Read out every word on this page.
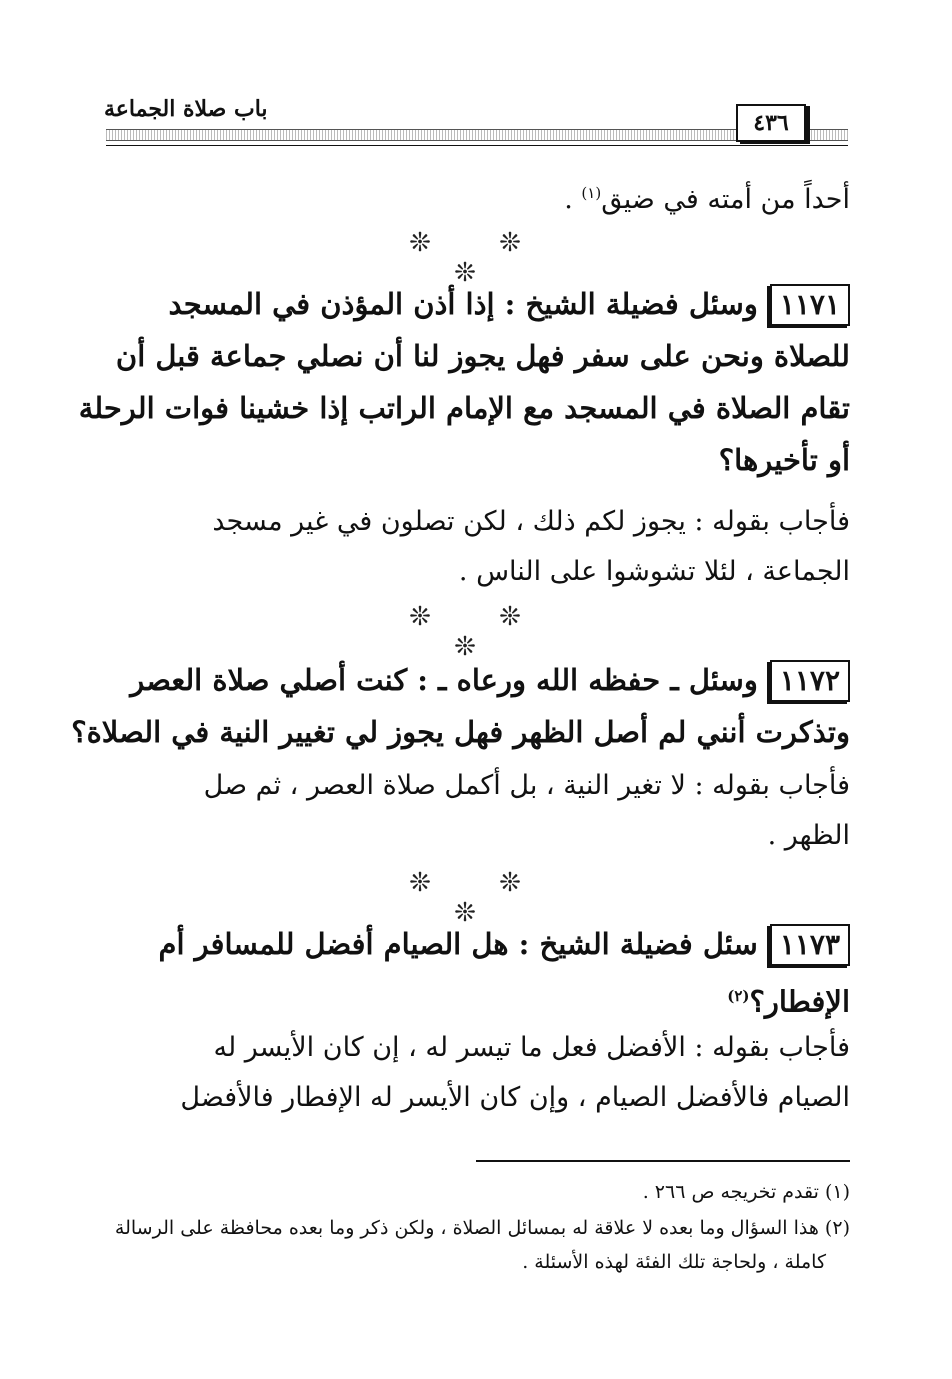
باب صلاة الجماعة
٤٣٦
أحداً من أمته في ضيق$^{(١)}$ .
❊ ❊ ❊
١١٧١وسئل فضيلة الشيخ : إذا أذن المؤذن في المسجد
للصلاة ونحن على سفر فهل يجوز لنا أن نصلي جماعة قبل أن
تقام الصلاة في المسجد مع الإمام الراتب إذا خشينا فوات الرحلة
أو تأخيرها؟
فأجاب بقوله : يجوز لكم ذلك ، لكن تصلون في غير مسجد
الجماعة ، لئلا تشوشوا على الناس .
❊ ❊ ❊
١١٧٢وسئل ـ حفظه الله ورعاه ـ : كنت أصلي صلاة العصر
وتذكرت أنني لم أصل الظهر فهل يجوز لي تغيير النية في الصلاة؟
فأجاب بقوله : لا تغير النية ، بل أكمل صلاة العصر ، ثم صل
الظهر .
❊ ❊ ❊
١١٧٣سئل فضيلة الشيخ : هل الصيام أفضل للمسافر أم
الإفطار؟$^{(٢)}$
فأجاب بقوله : الأفضل فعل ما تيسر له ، إن كان الأيسر له
الصيام فالأفضل الصيام ، وإن كان الأيسر له الإفطار فالأفضل
(١) تقدم تخريجه ص ٢٦٦ .
(٢) هذا السؤال وما بعده لا علاقة له بمسائل الصلاة ، ولكن ذكر وما بعده محافظة على الرسالة
كاملة ، ولحاجة تلك الفئة لهذه الأسئلة .
